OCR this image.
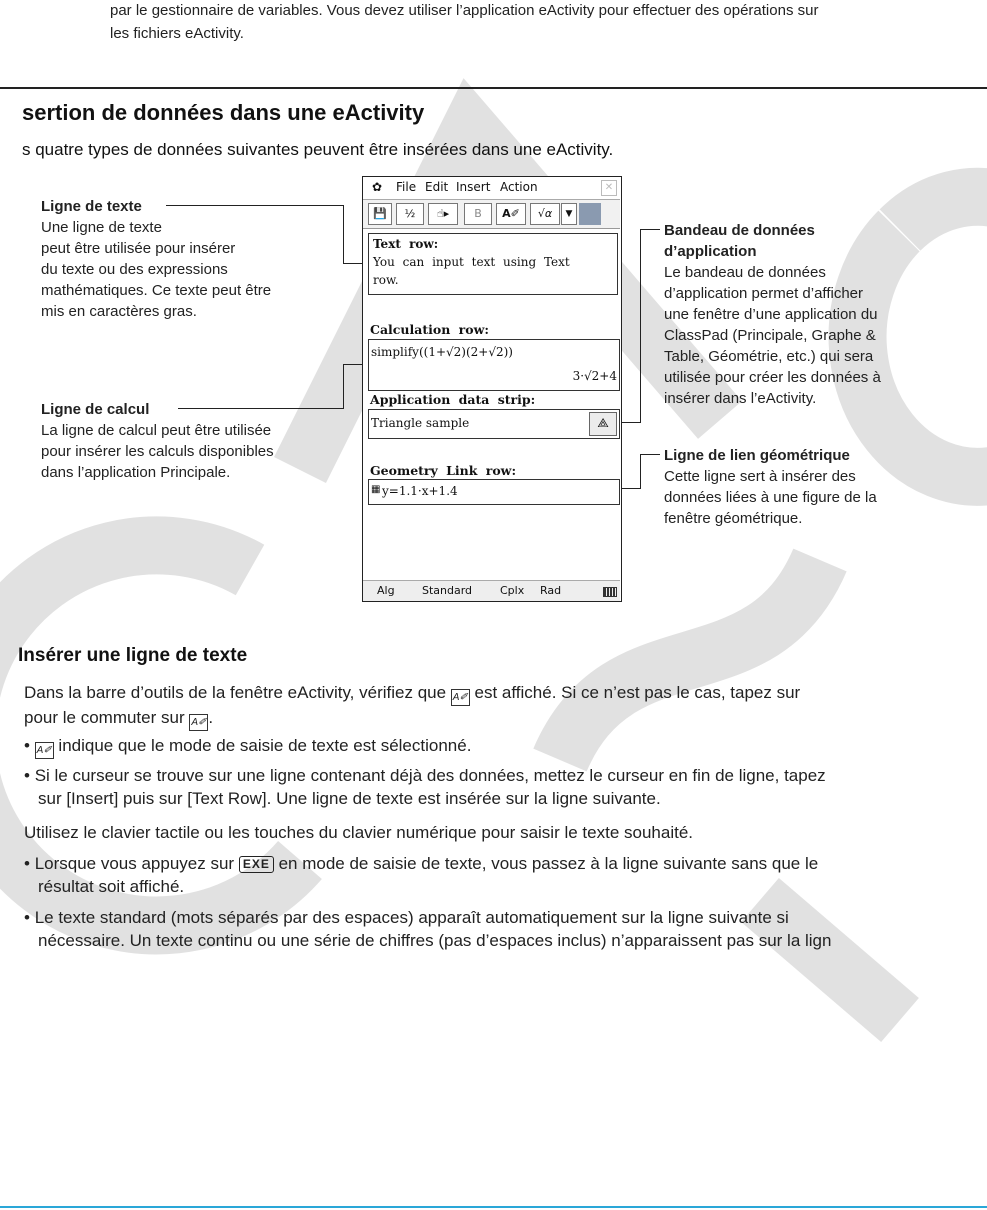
par le gestionnaire de variables. Vous devez utiliser l’application eActivity pour effectuer des opérations sur
les fichiers eActivity.
sertion de données dans une eActivity
s quatre types de données suivantes peuvent être insérées dans une eActivity.
Ligne de texte
Une ligne de texte
peut être utilisée pour insérer
du texte ou des expressions
mathématiques. Ce texte peut être
mis en caractères gras.
Ligne de calcul
La ligne de calcul peut être utilisée
pour insérer les calculs disponibles
dans l’application Principale.
Bandeau de données
d’application
Le bandeau de données
d’application permet d’afficher
une fenêtre d’une application du
ClassPad (Principale, Graphe &
Table, Géométrie, etc.) qui sera
utilisée pour créer les données à
insérer dans l’eActivity.
Ligne de lien géométrique
Cette ligne sert à insérer des
données liées à une figure de la
fenêtre géométrique.
✿ File Edit Insert Action	✕
💾	½	☝▸	B	A✐	√α	▼
Text row:
You can input text using Text
row.
Calculation row:
simplify((1+√2)(2+√2))
3·√2+4
Application data strip:
Triangle sample	⟁
Geometry Link row:
▦ y=1.1·x+1.4
Alg Standard	Cplx Rad
Insérer une ligne de texte
Dans la barre d’outils de la fenêtre eActivity, vérifiez que A✐ est affiché. Si ce n’est pas le cas, tapez sur
pour le commuter sur A✐ .
• A✐ indique que le mode de saisie de texte est sélectionné.
• Si le curseur se trouve sur une ligne contenant déjà des données, mettez le curseur en fin de ligne, tapez
sur [Insert] puis sur [Text Row]. Une ligne de texte est insérée sur la ligne suivante.
Utilisez le clavier tactile ou les touches du clavier numérique pour saisir le texte souhaité.
• Lorsque vous appuyez sur EXE en mode de saisie de texte, vous passez à la ligne suivante sans que le
résultat soit affiché.
• Le texte standard (mots séparés par des espaces) apparaît automatiquement sur la ligne suivante si
nécessaire. Un texte continu ou une série de chiffres (pas d’espaces inclus) n’apparaissent pas sur la lign
